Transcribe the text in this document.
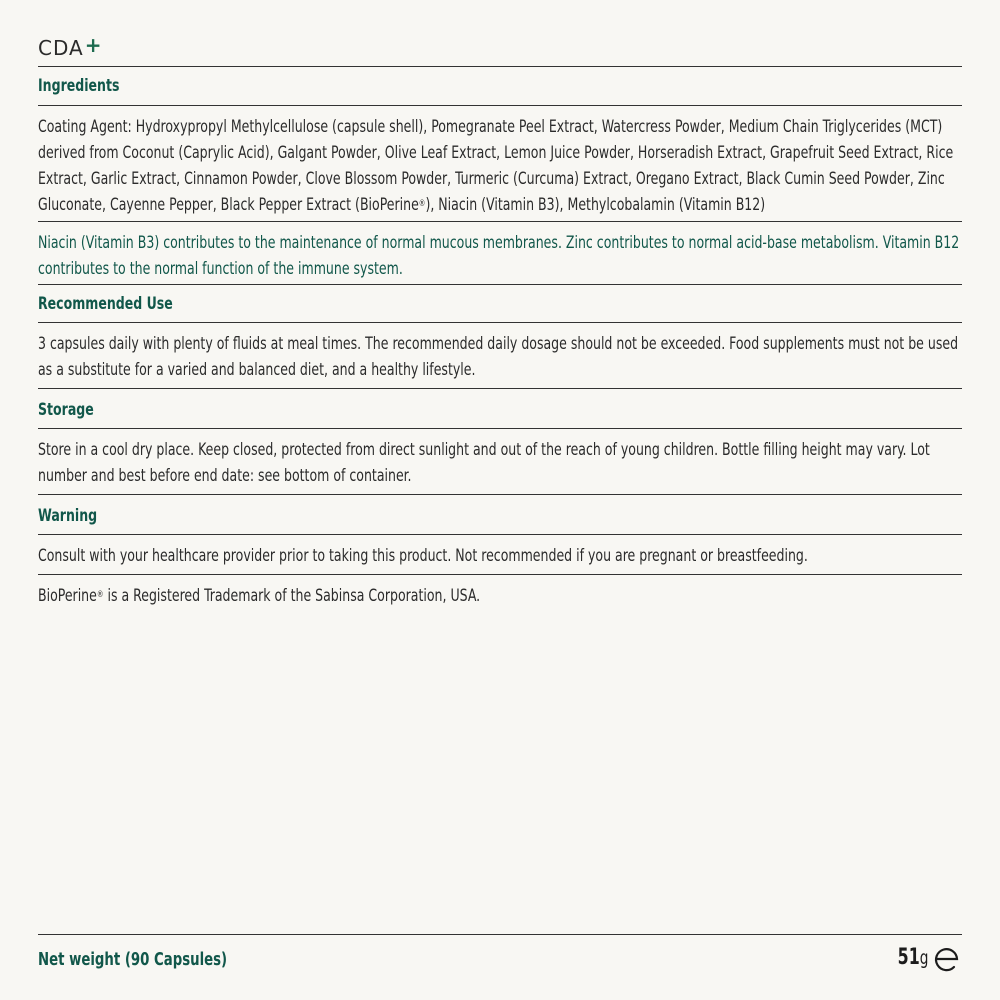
CDA+
Ingredients
Coating Agent: Hydroxypropyl Methylcellulose (capsule shell), Pomegranate Peel Extract, Watercress Powder, Medium Chain Triglycerides (MCT) derived from Coconut (Caprylic Acid), Galgant Powder, Olive Leaf Extract, Lemon Juice Powder, Horseradish Extract, Grapefruit Seed Extract, Rice Extract, Garlic Extract, Cinnamon Powder, Clove Blossom Powder, Turmeric (Curcuma) Extract, Oregano Extract, Black Cumin Seed Powder, Zinc Gluconate, Cayenne Pepper, Black Pepper Extract (BioPerine®), Niacin (Vitamin B3), Methylcobalamin (Vitamin B12)
Niacin (Vitamin B3) contributes to the maintenance of normal mucous membranes. Zinc contributes to normal acid-base metabolism. Vitamin B12 contributes to the normal function of the immune system.
Recommended Use
3 capsules daily with plenty of fluids at meal times. The recommended daily dosage should not be exceeded. Food supplements must not be used as a substitute for a varied and balanced diet, and a healthy lifestyle.
Storage
Store in a cool dry place. Keep closed, protected from direct sunlight and out of the reach of young children. Bottle filling height may vary. Lot number and best before end date: see bottom of container.
Warning
Consult with your healthcare provider prior to taking this product. Not recommended if you are pregnant or breastfeeding.
BioPerine® is a Registered Trademark of the Sabinsa Corporation, USA.
Net weight (90 Capsules)	51g
